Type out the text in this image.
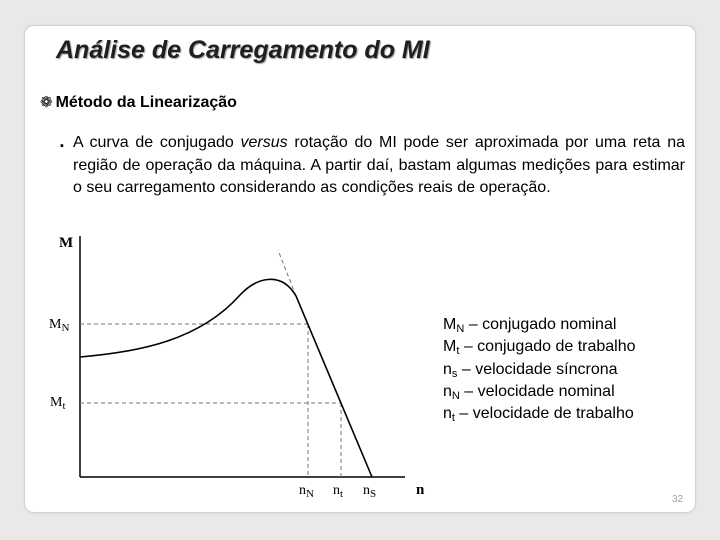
Análise de Carregamento do MI
❁ Método da Linearização
▪ A curva de conjugado versus rotação do MI pode ser aproximada por uma reta na região de operação da máquina. A partir daí, bastam algumas medições para estimar o seu carregamento considerando as condições reais de operação.
M
n
$M_N$
$M_t$
$n_N$ $n_t$ $n_S$
$M_N$ – conjugado nominal
$M_t$ – conjugado de trabalho
$n_s$ – velocidade síncrona
$n_N$ – velocidade nominal
$n_t$ – velocidade de trabalho
32
